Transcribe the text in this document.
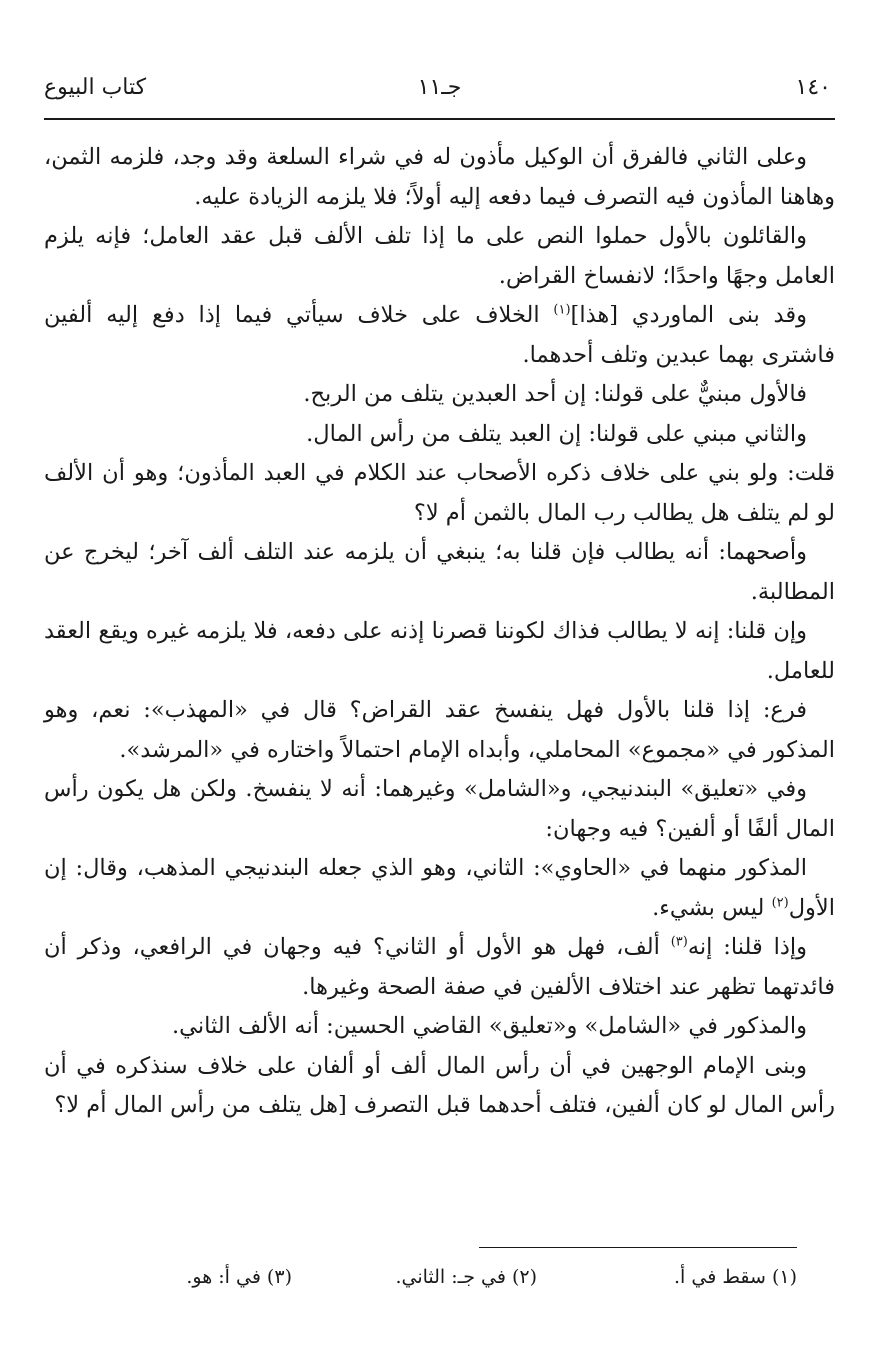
١٤٠
جـ١١
كتاب البيوع

وعلى الثاني فالفرق أن الوكيل مأذون له في شراء السلعة وقد وجد، فلزمه الثمن، وهاهنا المأذون فيه التصرف فيما دفعه إليه أولاً؛ فلا يلزمه الزيادة عليه.

والقائلون بالأول حملوا النص على ما إذا تلف الألف قبل عقد العامل؛ فإنه يلزم العامل وجهًا واحدًا؛ لانفساخ القراض.

وقد بنى الماوردي [هذا]$^{(١)}$ الخلاف على خلاف سيأتي فيما إذا دفع إليه ألفين فاشترى بهما عبدين وتلف أحدهما.

فالأول مبنيٌّ على قولنا: إن أحد العبدين يتلف من الربح.

والثاني مبني على قولنا: إن العبد يتلف من رأس المال.

قلت: ولو بني على خلاف ذكره الأصحاب عند الكلام في العبد المأذون؛ وهو أن الألف لو لم يتلف هل يطالب رب المال بالثمن أم لا؟

وأصحهما: أنه يطالب فإن قلنا به؛ ينبغي أن يلزمه عند التلف ألف آخر؛ ليخرج عن المطالبة.

وإن قلنا: إنه لا يطالب فذاك لكوننا قصرنا إذنه على دفعه، فلا يلزمه غيره ويقع العقد للعامل.

فرع: إذا قلنا بالأول فهل ينفسخ عقد القراض؟ قال في «المهذب»: نعم، وهو المذكور في «مجموع» المحاملي، وأبداه الإمام احتمالاً واختاره في «المرشد».

وفي «تعليق» البندنيجي، و«الشامل» وغيرهما: أنه لا ينفسخ. ولكن هل يكون رأس المال ألفًا أو ألفين؟ فيه وجهان:

المذكور منهما في «الحاوي»: الثاني، وهو الذي جعله البندنيجي المذهب، وقال: إن الأول$^{(٢)}$ ليس بشيء.

وإذا قلنا: إنه$^{(٣)}$ ألف، فهل هو الأول أو الثاني؟ فيه وجهان في الرافعي، وذكر أن فائدتهما تظهر عند اختلاف الألفين في صفة الصحة وغيرها.

والمذكور في «الشامل» و«تعليق» القاضي الحسين: أنه الألف الثاني.

وبنى الإمام الوجهين في أن رأس المال ألف أو ألفان على خلاف سنذكره في أن رأس المال لو كان ألفين، فتلف أحدهما قبل التصرف [هل يتلف من رأس المال أم لا؟

(١) سقط في أ.
(٢) في جـ: الثاني.
(٣) في أ: هو.
